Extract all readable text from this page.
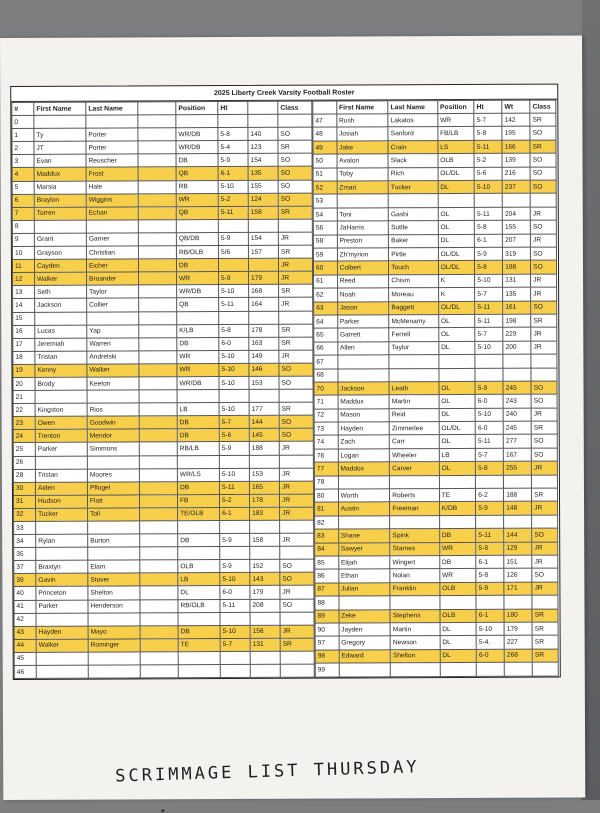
2025 Liberty Creek Varsity Football Roster
#	First Name	Last Name		Position	Ht		Class
0							
1	Ty	Porter		WR/DB	5-8	140	SO
2	JT	Porter		WR/DB	5-4	123	SR
3	Evan	Reuscher		DB	5-9	154	SO
4	Maddux	Frost		QB	6-1	135	SO
5	Marsia	Hale		RB	5-10	155	SO
6	Braylon	Wiggins		WR	5-2	124	SO
7	Torren	Echan		QB	5-11	158	SR
8							
9	Grant	Garner		QB/DB	5-9	154	JR
10	Grayson	Christian		RB/OLB	5/6	157	SR
11	Cayden	Eicher		DB			JR
12	Walker	Broander		WR	5-9	179	JR
13	Seth	Taylor		WR/DB	5-10	168	SR
14	Jackson	Collier		QB	5-11	164	JR
15							
16	Lucas	Yap		K/LB	5-8	178	SR
17	Jeremiah	Warren		DB	6-0	163	SR
18	Tristan	Andrelski		WR	5-10	149	JR
19	Kenny	Walker		WR	5-10	146	SO
20	Brody	Keeton		WR/DB	5-10	153	SO
21							
22	Kingston	Rios		LB	5-10	177	SR
23	Owen	Goodwin		DB	5-7	144	SO
24	Trenton	Mendor		DB	5-6	145	SO
25	Parker	Simmons		RB/LB	5-9	188	JR
26							
28	Tristan	Moores		WR/LS	5-10	153	JR
30	Aiden	Pflugel		DB	5-11	165	JR
31	Hudson	Flatt		FB	5-2	178	JR
32	Tucker	Toll		TE/OLB	6-1	183	JR
33							
34	Rylan	Burton		DB	5-9	158	JR
35							
37	Braxtyn	Elam		OLB	5-9	152	SO
39	Gavin	Stover		LB	5-10	143	SO
40	Princeton	Shelton		DL	6-0	179	JR
41	Parker	Henderson		RB/OLB	5-11	208	SO
42							
43	Hayden	Mayo		DB	5-10	158	JR
44	Walker	Rominger		TE	5-7	131	SR
45							
46							
	First Name	Last Name	Position	Ht	Wt	Class
47	Rush	Lakatos	WR	5-7	142	SR
48	Josiah	Sanford	FB/LB	5-8	195	SO
49	Jake	Crain	LS	5-11	166	SR
50	Avalon	Slack	OLB	5-2	139	SO
51	Toby	Rich	OL/DL	5-6	216	SO
52	Zmari	Tucker	DL	5-10	237	SO
53						
54	Toni	Gashi	OL	5-11	204	JR
56	JaHarris	Suttle	OL	5-8	155	SO
58	Preston	Baker	DL	6-1	207	JR
59	Zh'myrion	Pirtle	OL/DL	5-9	319	SO
60	Colbert	Touch	OL/DL	5-8	198	SO
61	Reed	Chism	K	5-10	131	JR
62	Noah	Moreau	K	5-7	135	JR
63	Jason	Baggett	OL/DL	5-11	161	SO
64	Parker	McMenamy	OL	5-11	198	SR
65	Garrett	Ferrell	OL	5-7	229	JR
66	Allen	Taylor	DL	5-10	200	JR
67						
68						
70	Jackson	Leath	OL	5-9	245	SO
71	Maddux	Martin	OL	6-0	243	SO
72	Mason	Reid	DL	5-10	240	JR
73	Hayden	Zimmerlee	OL/DL	6-0	245	SR
74	Zach	Carr	OL	5-11	277	SO
76	Logan	Wheeler	LB	5-7	167	SO
77	Maddox	Carver	OL	5-8	255	JR
78						
80	Worth	Roberts	TE	6-2	188	SR
81	Austin	Freeman	K/DB	5-9	148	JR
82						
83	Shane	Spink	DB	5-11	144	SO
84	Sawyer	Starnes	WR	5-8	129	JR
85	Elijah	Wingert	DB	6-1	151	JR
86	Ethan	Nolan	WR	5-8	126	SO
87	Julian	Franklin	OLB	5-9	171	JR
88						
89	Zeke	Stephens	OLB	6-1	180	SR
90	Jayden	Martin	DL	5-10	179	SR
97	Gregory	Newson	DL	5-4.	227	SR
98	Edward	Shelton	DL	6-0	268	SR
99						
SCRIMMAGE LIST THURSDAY
